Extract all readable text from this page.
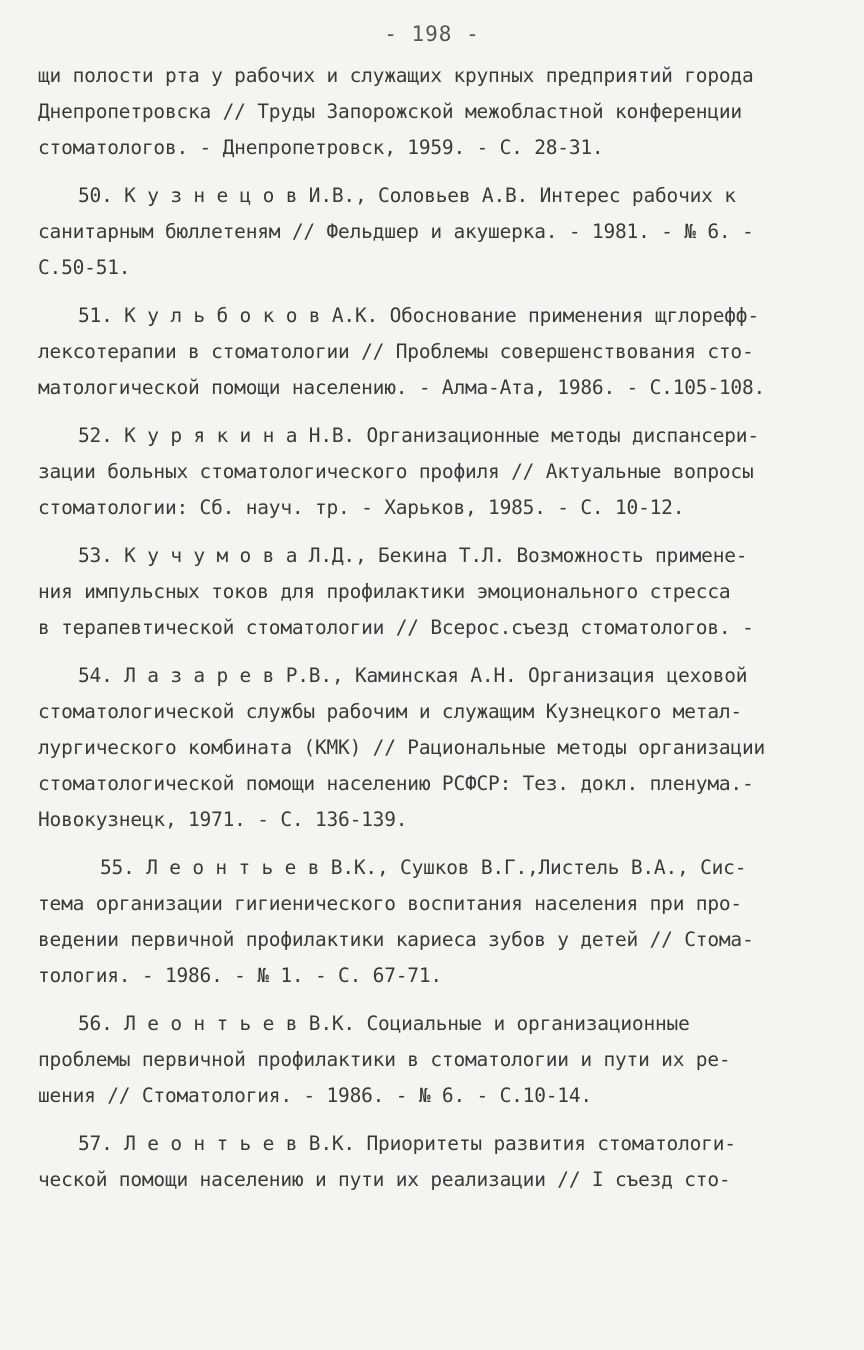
- 198 -
щи полости рта у рабочих и служащих крупных предприятий города
Днепропетровска // Труды Запорожской межобластной конференции
стоматологов. - Днепропетровск, 1959. - С. 28-31.
50. К у з н е ц о в И.В., Соловьев А.В. Интерес рабочих к
санитарным бюллетеням // Фельдшер и акушерка. - 1981. - № 6. -
С.50-51.
51. К у л ь б о к о в А.К. Обоснование применения щглорефф-
лексотерапии в стоматологии // Проблемы совершенствования сто-
матологической помощи населению. - Алма-Ата, 1986. - С.105-108.
52. К у р я к и н а Н.В. Организационные методы диспансери-
зации больных стоматологического профиля // Актуальные вопросы
стоматологии: Сб. науч. тр. - Харьков, 1985. - С. 10-12.
53. К у ч у м о в а Л.Д., Бекина Т.Л. Возможность примене-
ния импульсных токов для профилактики эмоционального стресса
в терапевтической стоматологии // Всерос.съезд стоматологов. -
54. Л а з а р е в Р.В., Каминская А.Н. Организация цеховой
стоматологической службы рабочим и служащим Кузнецкого метал-
лургического комбината (КМК) // Рациональные методы организации
стоматологической помощи населению РСФСР: Тез. докл. пленума.-
Новокузнецк, 1971. - С. 136-139.
55. Л е о н т ь е в В.К., Сушков В.Г.,Листель В.А., Сис-
тема организации гигиенического воспитания населения при про-
ведении первичной профилактики кариеса зубов у детей // Стома-
тология. - 1986. - № 1. - С. 67-71.
56. Л е о н т ь е в В.К. Социальные и организационные
проблемы первичной профилактики в стоматологии и пути их ре-
шения // Стоматология. - 1986. - № 6. - С.10-14.
57. Л е о н т ь е в В.К. Приоритеты развития стоматологи-
ческой помощи населению и пути их реализации // I съезд сто-
